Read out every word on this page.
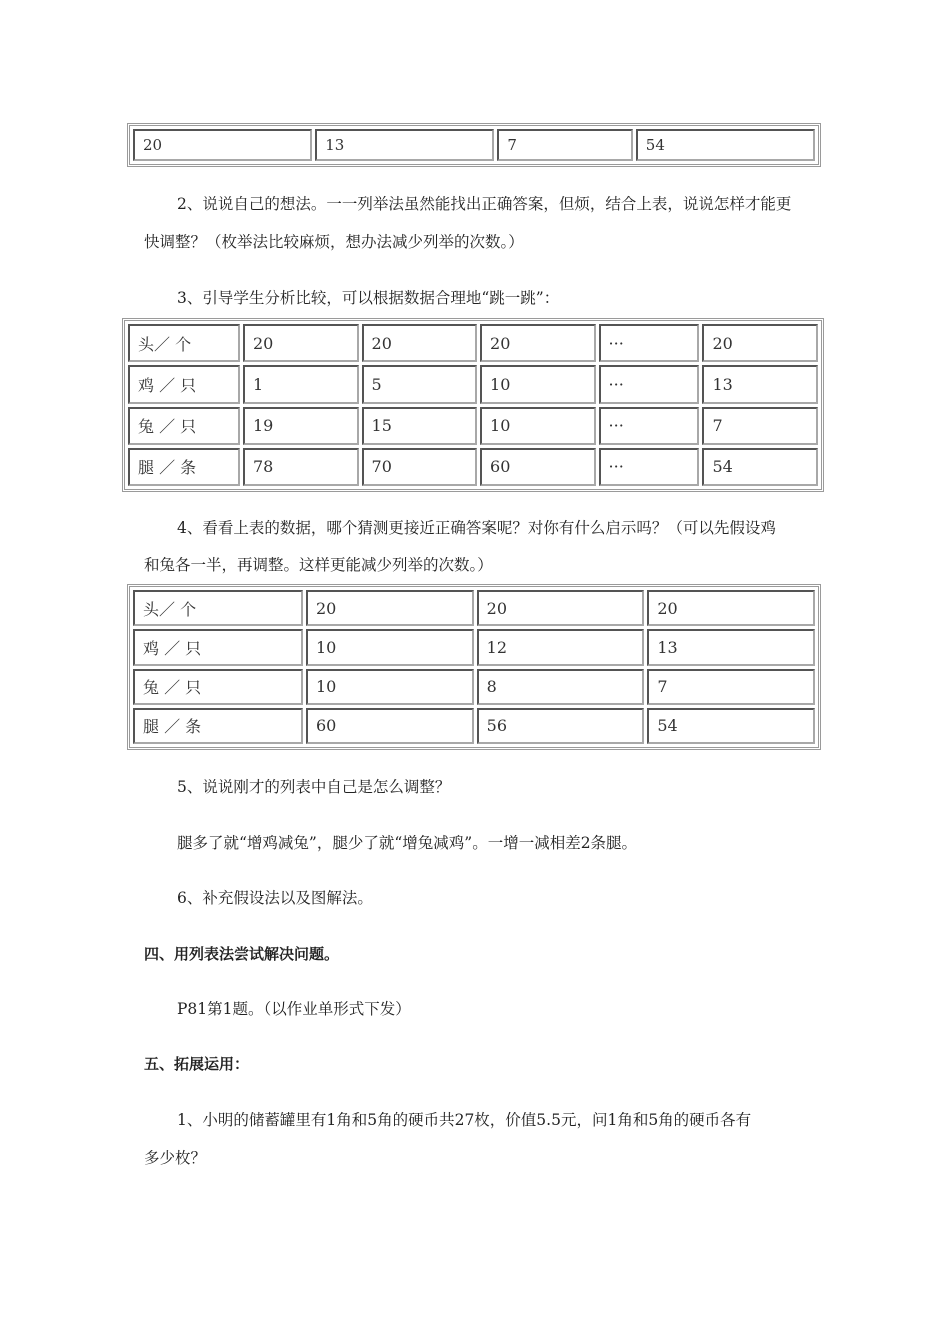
20	13	7	54
2、说说自己的想法。一一列举法虽然能找出正确答案，但烦，结合上表，说说怎样才能更
快调整？（枚举法比较麻烦，想办法减少列举的次数。）
3、引导学生分析比较，可以根据数据合理地“跳一跳”：
头／ 个	20	20	20	···	20
鸡 ／ 只	1	5	10	···	13
兔 ／ 只	19	15	10	···	7
腿 ／ 条	78	70	60	···	54
4、看看上表的数据，哪个猜测更接近正确答案呢？对你有什么启示吗？（可以先假设鸡
和兔各一半，再调整。这样更能减少列举的次数。）
头／ 个	20	20	20
鸡 ／ 只	10	12	13
兔 ／ 只	10	8	7
腿 ／ 条	60	56	54
5、说说刚才的列表中自己是怎么调整？
腿多了就“增鸡减兔”，腿少了就“增兔减鸡”。一增一减相差2条腿。
6、补充假设法以及图解法。
四、用列表法尝试解决问题。
P81第1题。（以作业单形式下发）
五、拓展运用：
1、小明的储蓄罐里有1角和5角的硬币共27枚，价值5.5元，问1角和5角的硬币各有
多少枚？
